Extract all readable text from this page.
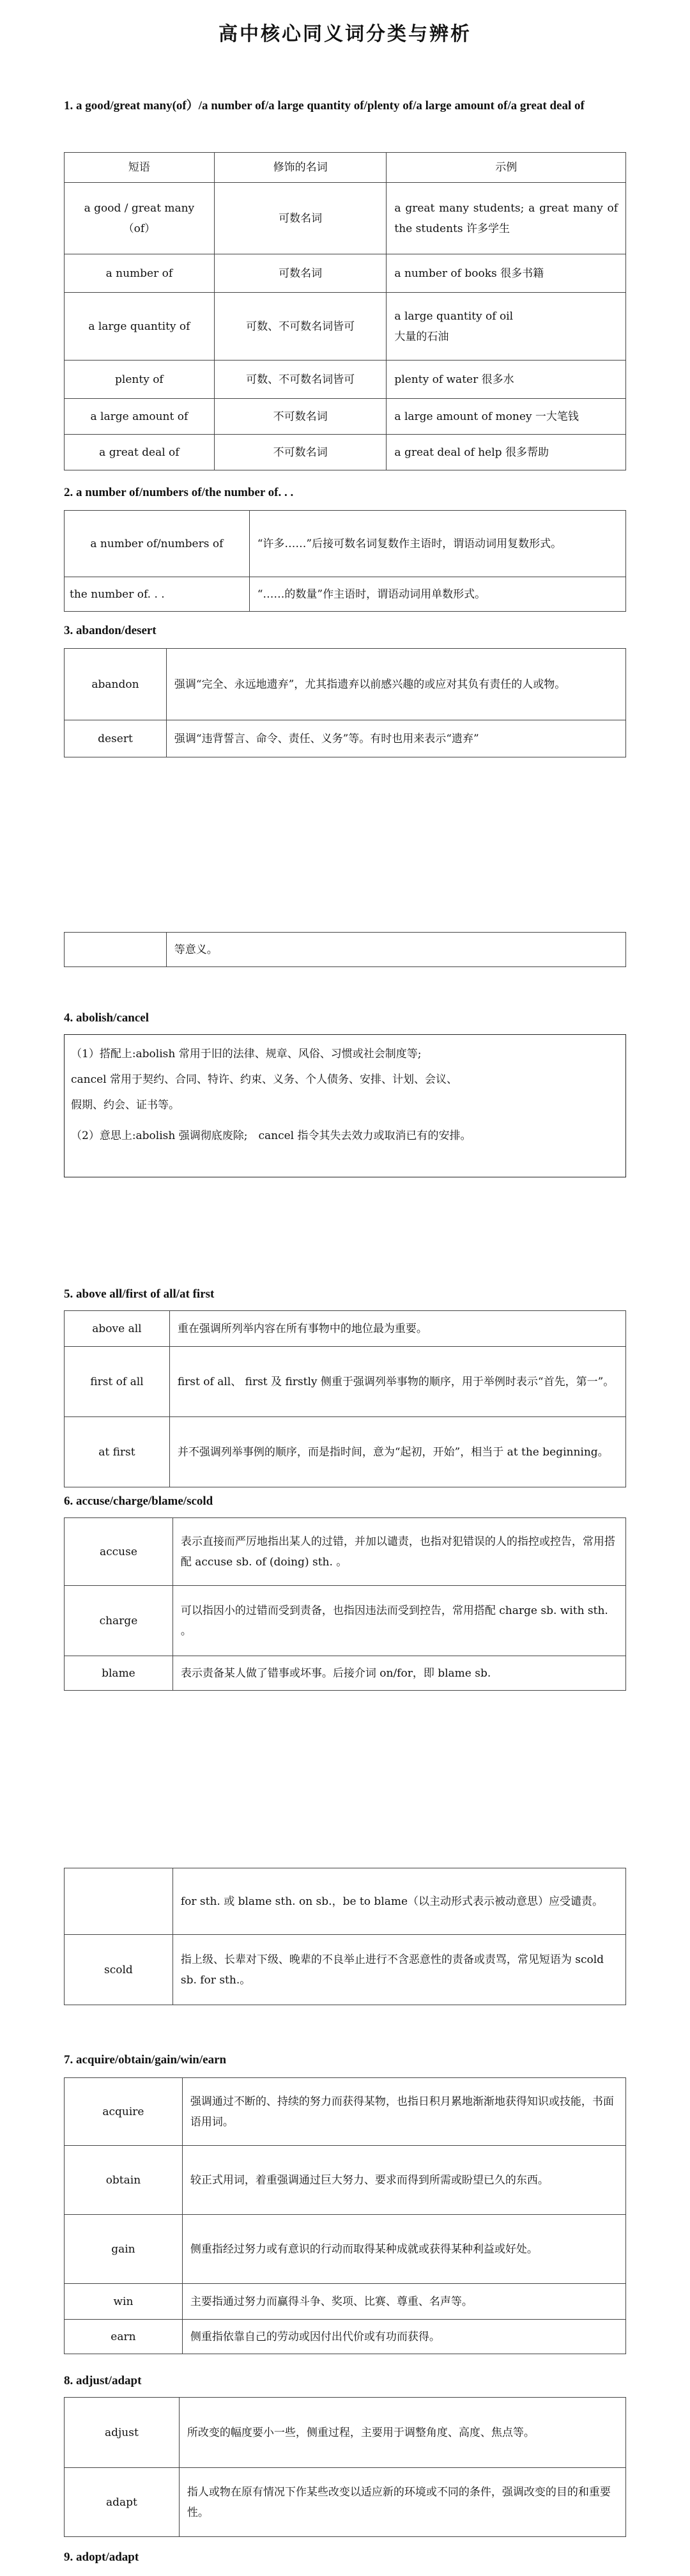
高中核心同义词分类与辨析
1. a good/great many(of）/a number of/a large quantity of/plenty of/a large amount of/a great deal of
短语	修饰的名词	示例
a good / great many （of）	可数名词	a great many students; a great many of the students 许多学生
a number of	可数名词	a number of books 很多书籍
a large quantity of	可数、不可数名词皆可	a large quantity of oil
大量的石油

plenty of	可数、不可数名词皆可	plenty of water 很多水
a large amount of	不可数名词	a large amount of money 一大笔钱
a great deal of	不可数名词	a great deal of help 很多帮助
2. a number of/numbers of/the number of. . .
a number of/numbers of	“许多……”后接可数名词复数作主语时，谓语动词用复数形式。
the number of. . .	“……的数量”作主语时，谓语动词用单数形式。
3. abandon/desert
abandon	强调“完全、永远地遗弃”，尤其指遗弃以前感兴趣的或应对其负有责任的人或物。
desert	强调“违背誓言、命令、责任、义务”等。有时也用来表示“遗弃”
	等意义。
4. abolish/cancel

（1）搭配上:abolish 常用于旧的法律、规章、风俗、习惯或社会制度等;

cancel 常用于契约、合同、特许、约束、义务、个人债务、安排、计划、会议、

假期、约会、证书等。

（2）意思上:abolish 强调彻底废除;　cancel 指令其失去效力或取消已有的安排。

5. above all/first of all/at first
above all	重在强调所列举内容在所有事物中的地位最为重要。
first of all	first of all、 first 及 firstly 侧重于强调列举事物的顺序，用于举例时表示“首先，第一”。
at first	并不强调列举事例的顺序，而是指时间，意为“起初，开始”，相当于 at the beginning。
6. accuse/charge/blame/scold
accuse	表示直接而严厉地指出某人的过错，并加以谴责，也指对犯错误的人的指控或控告，常用搭配 accuse sb. of (doing) sth. 。
charge	可以指因小的过错而受到责备，也指因违法而受到控告，常用搭配 charge sb. with sth. 。
blame	表示责备某人做了错事或坏事。后接介词 on/for，即 blame sb.
	for sth. 或 blame sth. on sb.，be to blame（以主动形式表示被动意思）应受谴责。
scold	指上级、长辈对下级、晚辈的不良举止进行不含恶意性的责备或责骂，常见短语为 scold sb. for sth.。
7. acquire/obtain/gain/win/earn
acquire	强调通过不断的、持续的努力而获得某物，也指日积月累地渐渐地获得知识或技能，书面语用词。
obtain	较正式用词，着重强调通过巨大努力、要求而得到所需或盼望已久的东西。
gain	侧重指经过努力或有意识的行动而取得某种成就或获得某种利益或好处。
win	主要指通过努力而赢得斗争、奖项、比赛、尊重、名声等。
earn	侧重指依靠自己的劳动或因付出代价或有功而获得。
8. adjust/adapt
adjust	所改变的幅度要小一些，侧重过程，主要用于调整角度、高度、焦点等。
adapt	指人或物在原有情况下作某些改变以适应新的环境或不同的条件，强调改变的目的和重要性。
9. adopt/adapt
